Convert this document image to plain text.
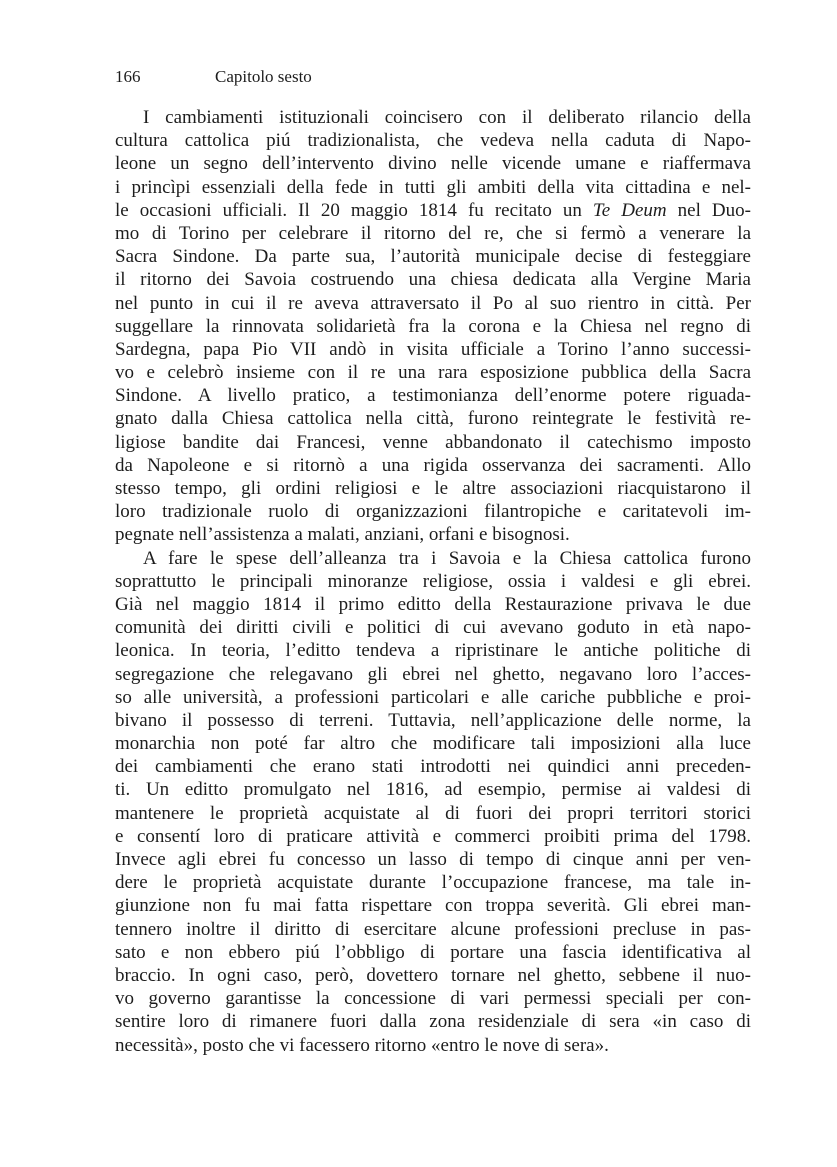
166	Capitolo sesto
I cambiamenti istituzionali coincisero con il deliberato rilancio della
cultura cattolica piú tradizionalista, che vedeva nella caduta di Napo-
leone un segno dell’intervento divino nelle vicende umane e riaffermava
i princìpi essenziali della fede in tutti gli ambiti della vita cittadina e nel-
le occasioni ufficiali. Il 20 maggio 1814 fu recitato un Te Deum nel Duo-
mo di Torino per celebrare il ritorno del re, che si fermò a venerare la
Sacra Sindone. Da parte sua, l’autorità municipale decise di festeggiare
il ritorno dei Savoia costruendo una chiesa dedicata alla Vergine Maria
nel punto in cui il re aveva attraversato il Po al suo rientro in città. Per
suggellare la rinnovata solidarietà fra la corona e la Chiesa nel regno di
Sardegna, papa Pio VII andò in visita ufficiale a Torino l’anno successi-
vo e celebrò insieme con il re una rara esposizione pubblica della Sacra
Sindone. A livello pratico, a testimonianza dell’enorme potere riguada-
gnato dalla Chiesa cattolica nella città, furono reintegrate le festività re-
ligiose bandite dai Francesi, venne abbandonato il catechismo imposto
da Napoleone e si ritornò a una rigida osservanza dei sacramenti. Allo
stesso tempo, gli ordini religiosi e le altre associazioni riacquistarono il
loro tradizionale ruolo di organizzazioni filantropiche e caritatevoli im-
pegnate nell’assistenza a malati, anziani, orfani e bisognosi.
A fare le spese dell’alleanza tra i Savoia e la Chiesa cattolica furono
soprattutto le principali minoranze religiose, ossia i valdesi e gli ebrei.
Già nel maggio 1814 il primo editto della Restaurazione privava le due
comunità dei diritti civili e politici di cui avevano goduto in età napo-
leonica. In teoria, l’editto tendeva a ripristinare le antiche politiche di
segregazione che relegavano gli ebrei nel ghetto, negavano loro l’acces-
so alle università, a professioni particolari e alle cariche pubbliche e proi-
bivano il possesso di terreni. Tuttavia, nell’applicazione delle norme, la
monarchia non poté far altro che modificare tali imposizioni alla luce
dei cambiamenti che erano stati introdotti nei quindici anni preceden-
ti. Un editto promulgato nel 1816, ad esempio, permise ai valdesi di
mantenere le proprietà acquistate al di fuori dei propri territori storici
e consentí loro di praticare attività e commerci proibiti prima del 1798.
Invece agli ebrei fu concesso un lasso di tempo di cinque anni per ven-
dere le proprietà acquistate durante l’occupazione francese, ma tale in-
giunzione non fu mai fatta rispettare con troppa severità. Gli ebrei man-
tennero inoltre il diritto di esercitare alcune professioni precluse in pas-
sato e non ebbero piú l’obbligo di portare una fascia identificativa al
braccio. In ogni caso, però, dovettero tornare nel ghetto, sebbene il nuo-
vo governo garantisse la concessione di vari permessi speciali per con-
sentire loro di rimanere fuori dalla zona residenziale di sera «in caso di
necessità», posto che vi facessero ritorno «entro le nove di sera».
